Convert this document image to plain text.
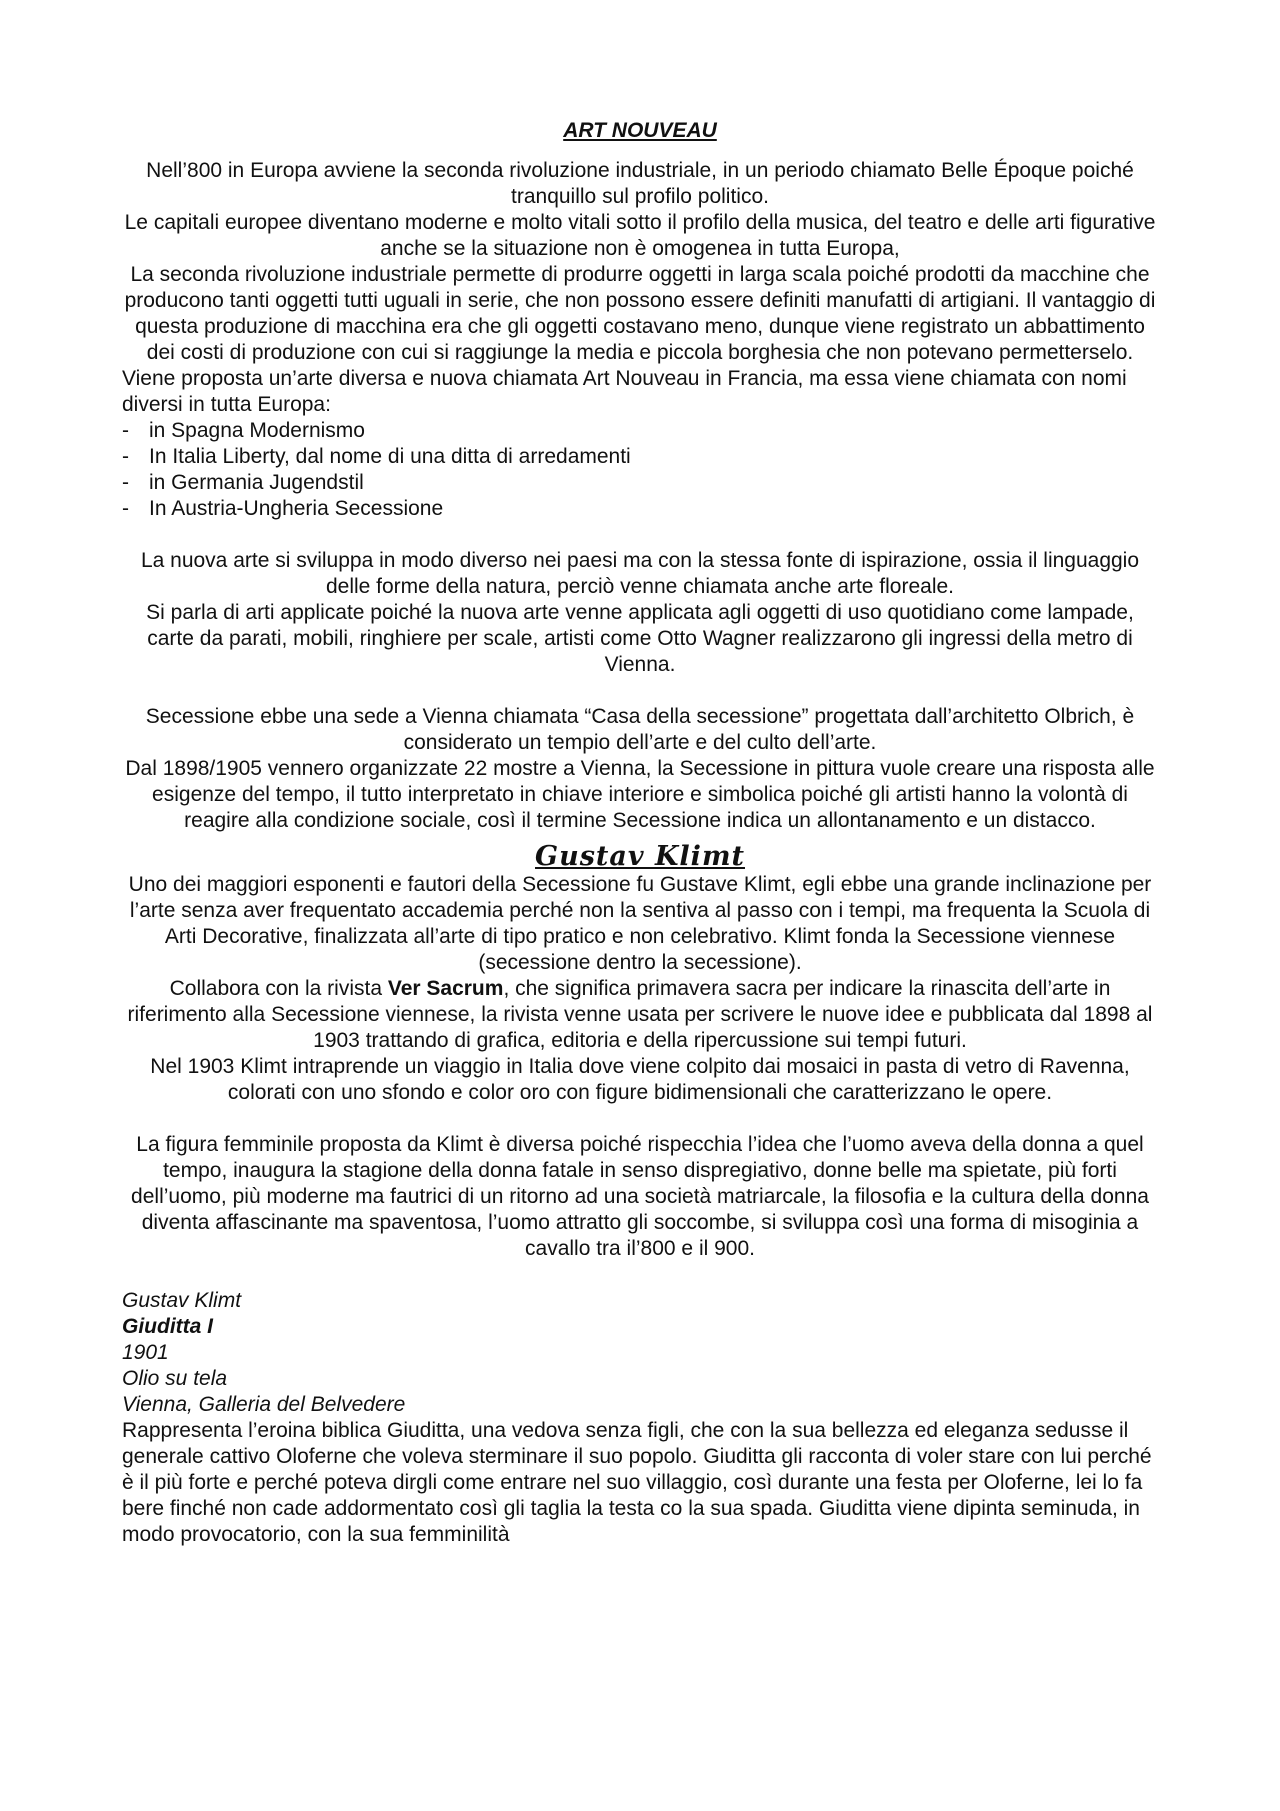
ART NOUVEAU

Nell’800 in Europa avviene la seconda rivoluzione industriale, in un periodo chiamato Belle Époque poiché tranquillo sul profilo politico.

Le capitali europee diventano moderne e molto vitali sotto il profilo della musica, del teatro e delle arti figurative anche se la situazione non è omogenea in tutta Europa,

La seconda rivoluzione industriale permette di produrre oggetti in larga scala poiché prodotti da macchine che producono tanti oggetti tutti uguali in serie, che non possono essere definiti manufatti di artigiani. Il vantaggio di questa produzione di macchina era che gli oggetti costavano meno, dunque viene registrato un abbattimento dei costi di produzione con cui si raggiunge la media e piccola borghesia che non potevano permetterselo.

Viene proposta un’arte diversa e nuova chiamata Art Nouveau in Francia, ma essa viene chiamata con nomi diversi in tutta Europa:

- in Spagna Modernismo
- In Italia Liberty, dal nome di una ditta di arredamenti
- in Germania Jugendstil
- In Austria-Ungheria Secessione

La nuova arte si sviluppa in modo diverso nei paesi ma con la stessa fonte di ispirazione, ossia il linguaggio delle forme della natura, perciò venne chiamata anche arte floreale.

Si parla di arti applicate poiché la nuova arte venne applicata agli oggetti di uso quotidiano come lampade, carte da parati, mobili, ringhiere per scale, artisti come Otto Wagner realizzarono gli ingressi della metro di Vienna.

Secessione ebbe una sede a Vienna chiamata “Casa della secessione” progettata dall’architetto Olbrich, è considerato un tempio dell’arte e del culto dell’arte.

Dal 1898/1905 vennero organizzate 22 mostre a Vienna, la Secessione in pittura vuole creare una risposta alle esigenze del tempo, il tutto interpretato in chiave interiore e simbolica poiché gli artisti hanno la volontà di reagire alla condizione sociale, così il termine Secessione indica un allontanamento e un distacco.

Gustav Klimt

Uno dei maggiori esponenti e fautori della Secessione fu Gustave Klimt, egli ebbe una grande inclinazione per l’arte senza aver frequentato accademia perché non la sentiva al passo con i tempi, ma frequenta la Scuola di Arti Decorative, finalizzata all’arte di tipo pratico e non celebrativo. Klimt fonda la Secessione viennese (secessione dentro la secessione).

Collabora con la rivista Ver Sacrum, che significa primavera sacra per indicare la rinascita dell’arte in riferimento alla Secessione viennese, la rivista venne usata per scrivere le nuove idee e pubblicata dal 1898 al 1903 trattando di grafica, editoria e della ripercussione sui tempi futuri.

Nel 1903 Klimt intraprende un viaggio in Italia dove viene colpito dai mosaici in pasta di vetro di Ravenna, colorati con uno sfondo e color oro con figure bidimensionali che caratterizzano le opere.

La figura femminile proposta da Klimt è diversa poiché rispecchia l’idea che l’uomo aveva della donna a quel tempo, inaugura la stagione della donna fatale in senso dispregiativo, donne belle ma spietate, più forti dell’uomo, più moderne ma fautrici di un ritorno ad una società matriarcale, la filosofia e la cultura della donna diventa affascinante ma spaventosa, l’uomo attratto gli soccombe, si sviluppa così una forma di misoginia a cavallo tra il’800 e il 900.

Gustav Klimt

Giuditta I

1901

Olio su tela

Vienna, Galleria del Belvedere

Rappresenta l’eroina biblica Giuditta, una vedova senza figli, che con la sua bellezza ed eleganza sedusse il generale cattivo Oloferne che voleva sterminare il suo popolo. Giuditta gli racconta di voler stare con lui perché è il più forte e perché poteva dirgli come entrare nel suo villaggio, così durante una festa per Oloferne, lei lo fa bere finché non cade addormentato così gli taglia la testa co la sua spada. Giuditta viene dipinta seminuda, in modo provocatorio, con la sua femminilità
